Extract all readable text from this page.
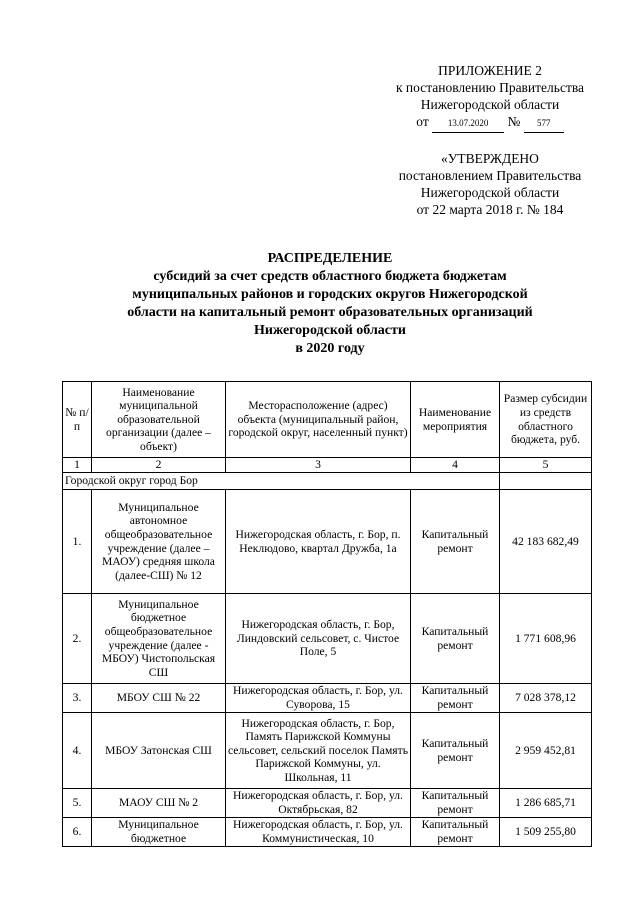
ПРИЛОЖЕНИЕ 2
к постановлению Правительства
Нижегородской области
от 13.07.2020 № 577
«УТВЕРЖДЕНО
постановлением Правительства
Нижегородской области
от 22 марта 2018 г. № 184
РАСПРЕДЕЛЕНИЕ
субсидий за счет средств областного бюджета бюджетам
муниципальных районов и городских округов Нижегородской
области на капитальный ремонт образовательных организаций
Нижегородской области
в 2020 году
№ п/п	Наименование муниципальной образовательной организации (далее – объект)	Месторасположение (адрес) объекта (муниципальный район, городской округ, населенный пункт)	Наименование мероприятия	Размер субсидии из средств областного бюджета, руб.
1	2	3	4	5
Городской округ город Бор				
1.	Муниципальное автономное общеобразовательное учреждение (далее – МАОУ) средняя школа (далее-СШ) № 12	Нижегородская область, г. Бор, п. Неклюдово, квартал Дружба, 1а	Капитальный ремонт	42 183 682,49
2.	Муниципальное бюджетное общеобразовательное учреждение (далее - МБОУ) Чистопольская СШ	Нижегородская область, г. Бор, Линдовский сельсовет, с. Чистое Поле, 5	Капитальный ремонт	1 771 608,96
3.	МБОУ СШ № 22	Нижегородская область, г. Бор, ул. Суворова, 15	Капитальный ремонт	7 028 378,12
4.	МБОУ Затонская СШ	Нижегородская область, г. Бор, Память Парижской Коммуны сельсовет, сельский поселок Память Парижской Коммуны, ул. Школьная, 11	Капитальный ремонт	2 959 452,81
5.	МАОУ СШ № 2	Нижегородская область, г. Бор, ул. Октябрьская, 82	Капитальный ремонт	1 286 685,71
6.	Муниципальное бюджетное	Нижегородская область, г. Бор, ул. Коммунистическая, 10	Капитальный ремонт	1 509 255,80
